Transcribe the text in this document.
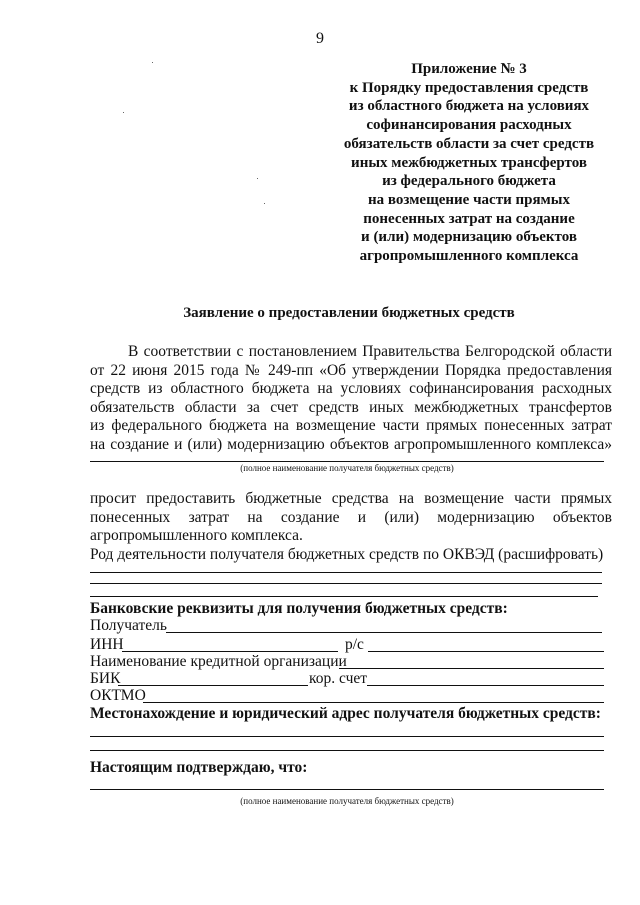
9
Приложение № 3
к Порядку предоставления средств
из областного бюджета на условиях
софинансирования расходных
обязательств области за счет средств
иных межбюджетных трансфертов
из федерального бюджета
на возмещение части прямых
понесенных затрат на создание
и (или) модернизацию объектов
агропромышленного комплекса
Заявление о предоставлении бюджетных средств
В соответствии с постановлением Правительства Белгородской области
от 22 июня 2015 года № 249-пп «Об утверждении Порядка предоставления
средств из областного бюджета на условиях софинансирования расходных
обязательств области за счет средств иных межбюджетных трансфертов
из федерального бюджета на возмещение части прямых понесенных затрат
на создание и (или) модернизацию объектов агропромышленного комплекса»
(полное наименование получателя бюджетных средств)
просит предоставить бюджетные средства на возмещение части прямых
понесенных затрат на создание и (или) модернизацию объектов
агропромышленного комплекса.
Род деятельности получателя бюджетных средств по ОКВЭД (расшифровать)
Банковские реквизиты для получения бюджетных средств:
Получатель
ИНН	р/с
Наименование кредитной организации
БИК	кор. счет
ОКТМО
Местонахождение и юридический адрес получателя бюджетных средств:
Настоящим подтверждаю, что:
(полное наименование получателя бюджетных средств)
